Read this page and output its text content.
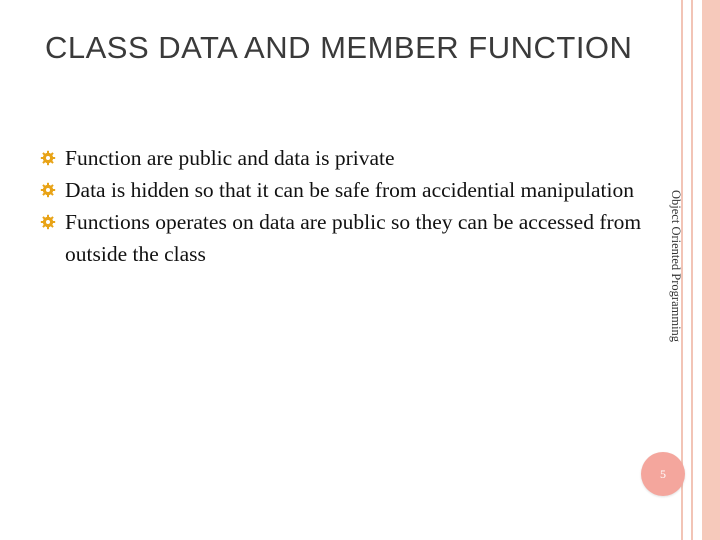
CLASS DATA AND MEMBER FUNCTION
Function are public and data is private
Data is hidden so that it can be safe from accidential manipulation
Functions operates on data are public so they can be accessed from outside the class	Object Oriented Programming
5
